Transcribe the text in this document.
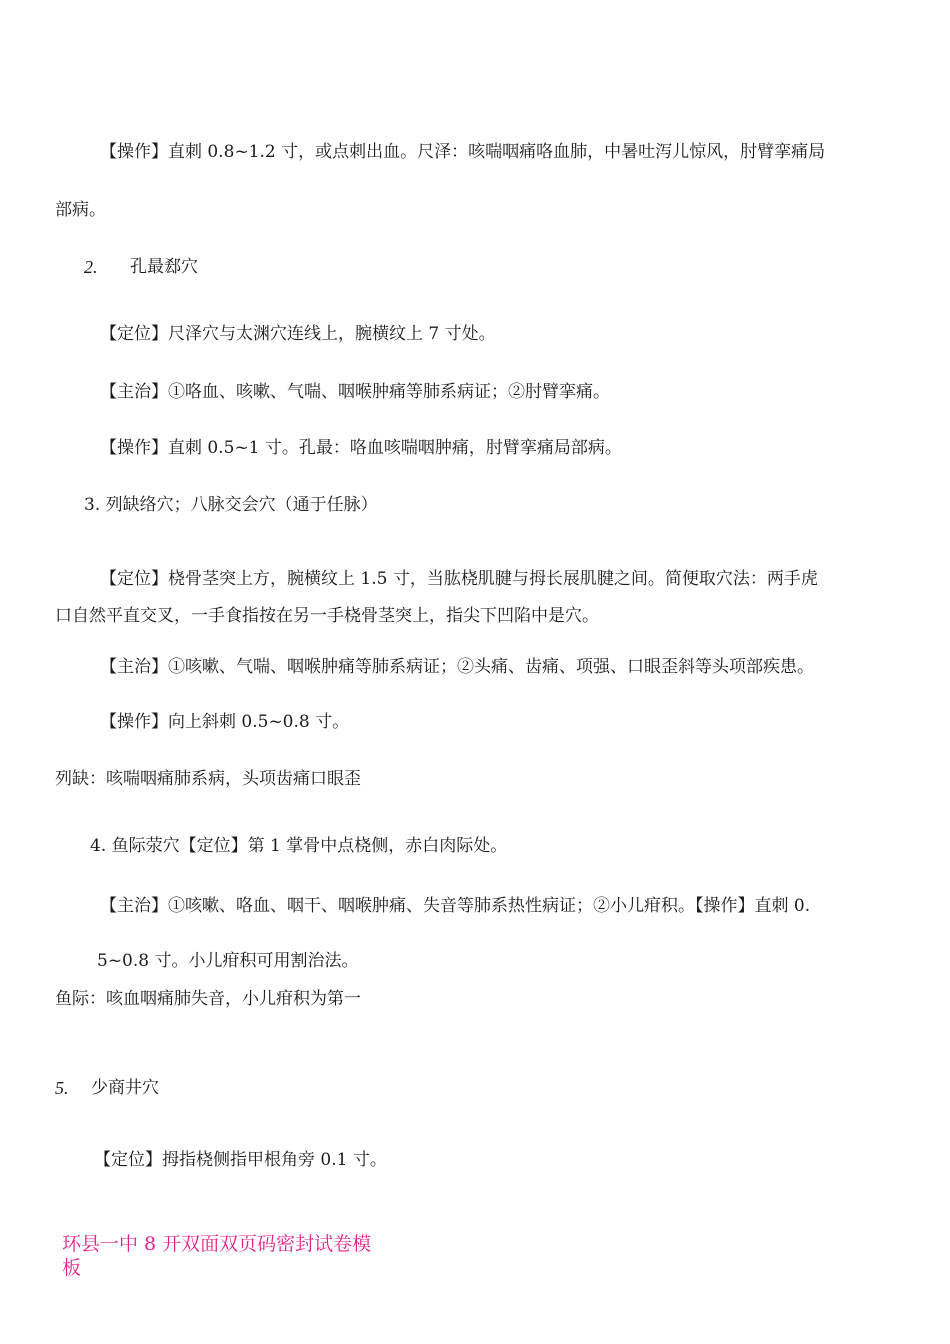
【操作】直刺 0.8~1.2 寸，或点刺出血。尺泽：咳喘咽痛咯血肺，中暑吐泻儿惊风，肘臂挛痛局
部病。
2. 孔最郄穴
【定位】尺泽穴与太渊穴连线上，腕横纹上 7 寸处。
【主治】①咯血、咳嗽、气喘、咽喉肿痛等肺系病证；②肘臂挛痛。
【操作】直刺 0.5~1 寸。孔最：咯血咳喘咽肿痛，肘臂挛痛局部病。
3. 列缺络穴；八脉交会穴（通于任脉）
【定位】桡骨茎突上方，腕横纹上 1.5 寸，当肱桡肌腱与拇长展肌腱之间。简便取穴法：两手虎
口自然平直交叉，一手食指按在另一手桡骨茎突上，指尖下凹陷中是穴。
【主治】①咳嗽、气喘、咽喉肿痛等肺系病证；②头痛、齿痛、项强、口眼歪斜等头项部疾患。
【操作】向上斜刺 0.5~0.8 寸。
列缺：咳喘咽痛肺系病，头项齿痛口眼歪
4. 鱼际荥穴【定位】第 1 掌骨中点桡侧，赤白肉际处。
【主治】①咳嗽、咯血、咽干、咽喉肿痛、失音等肺系热性病证；②小儿疳积。【操作】直刺 0.
5~0.8 寸。小儿疳积可用割治法。
鱼际：咳血咽痛肺失音，小儿疳积为第一
5. 少商井穴
【定位】拇指桡侧指甲根角旁 0.1 寸。
环县一中 8 开双面双页码密封试卷模板
